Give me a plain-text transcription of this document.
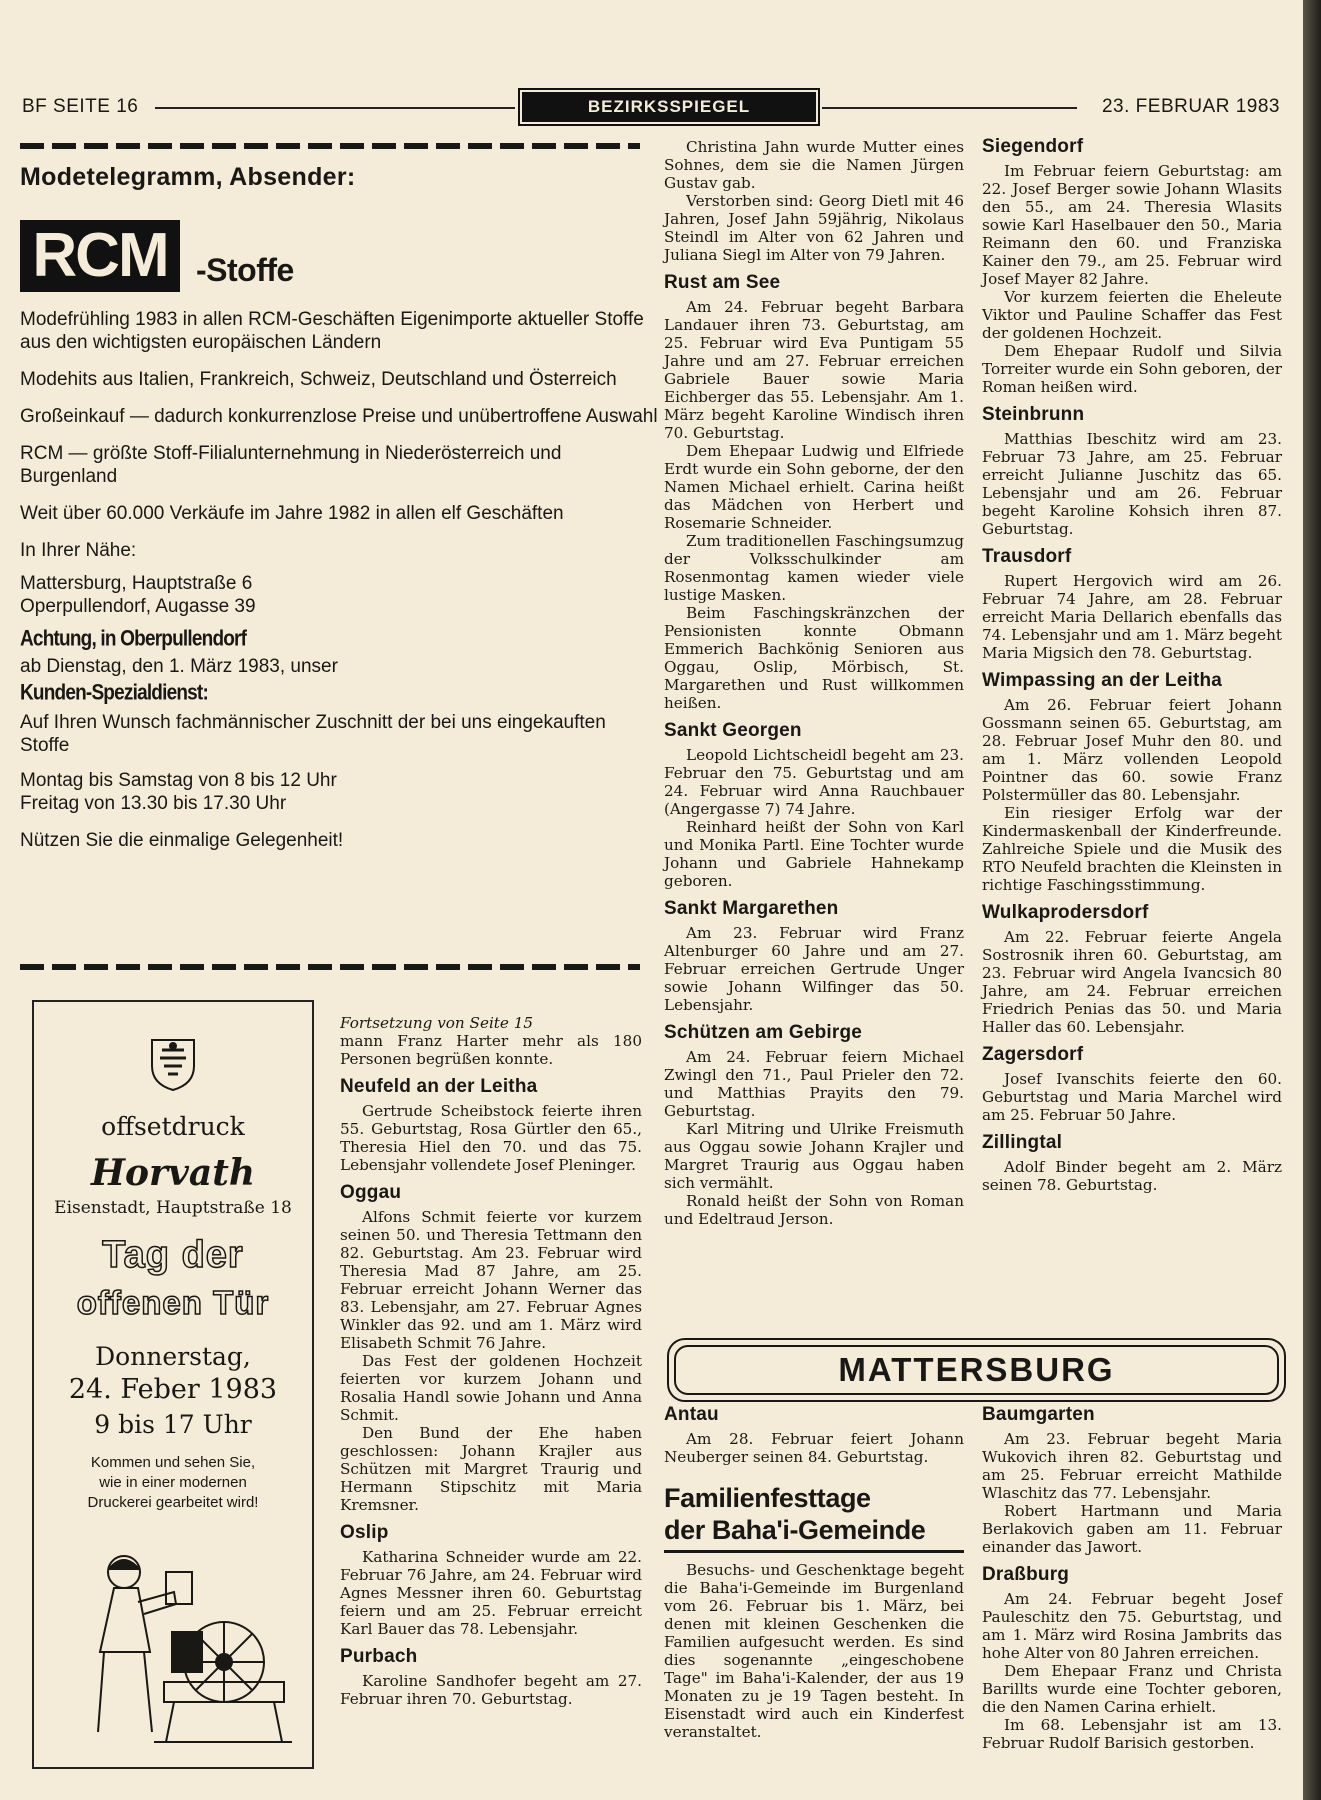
BF SEITE 16	BEZIRKSSPIEGEL	23. FEBRUAR 1983
Modetelegramm, Absender:
RCM -Stoffe

Modefrühling 1983 in allen RCM-Geschäften Eigenimporte aktueller Stoffe aus den wichtigsten europäischen Ländern

Modehits aus Italien, Frankreich, Schweiz, Deutschland und Österreich

Großeinkauf — dadurch konkurrenzlose Preise und unübertroffene Auswahl

RCM — größte Stoff-Filialunternehmung in Niederösterreich und Burgenland

Weit über 60.000 Verkäufe im Jahre 1982 in allen elf Geschäften

In Ihrer Nähe:

Mattersburg, Hauptstraße 6

Operpullendorf, Augasse 39

Achtung, in Oberpullendorf

ab Dienstag, den 1. März 1983, unser

Kunden-Spezialdienst:

Auf Ihren Wunsch fachmännischer Zuschnitt der bei uns eingekauften Stoffe

Montag bis Samstag von 8 bis 12 Uhr

Freitag von 13.30 bis 17.30 Uhr

Nützen Sie die einmalige Gelegenheit!

offsetdruck
Horvath
Eisenstadt, Hauptstraße 18
Tag der
offenen Tür
Donnerstag,
24. Feber 1983
9 bis 17 Uhr
Kommen und sehen Sie,
wie in einer modernen
Druckerei gearbeitet wird!

Fortsetzung von Seite 15

mann Franz Harter mehr als 180 Personen begrüßen konnte.

Neufeld an der Leitha

Gertrude Scheibstock feierte ihren 55. Geburtstag, Rosa Gürtler den 65., Theresia Hiel den 70. und das 75. Lebensjahr vollendete Josef Pleninger.

Oggau

Alfons Schmit feierte vor kurzem seinen 50. und Theresia Tettmann den 82. Geburtstag. Am 23. Februar wird Theresia Mad 87 Jahre, am 25. Februar erreicht Johann Werner das 83. Lebensjahr, am 27. Februar Agnes Winkler das 92. und am 1. März wird Elisabeth Schmit 76 Jahre.

Das Fest der goldenen Hochzeit feierten vor kurzem Johann und Rosalia Handl sowie Johann und Anna Schmit.

Den Bund der Ehe haben geschlossen: Johann Krajler aus Schützen mit Margret Traurig und Hermann Stipschitz mit Maria Kremsner.

Oslip

Katharina Schneider wurde am 22. Februar 76 Jahre, am 24. Februar wird Agnes Messner ihren 60. Geburtstag feiern und am 25. Februar erreicht Karl Bauer das 78. Lebensjahr.

Purbach

Karoline Sandhofer begeht am 27. Februar ihren 70. Geburtstag.

Christina Jahn wurde Mutter eines Sohnes, dem sie die Namen Jürgen Gustav gab.

Verstorben sind: Georg Dietl mit 46 Jahren, Josef Jahn 59jährig, Nikolaus Steindl im Alter von 62 Jahren und Juliana Siegl im Alter von 79 Jahren.

Rust am See

Am 24. Februar begeht Barbara Landauer ihren 73. Geburtstag, am 25. Februar wird Eva Puntigam 55 Jahre und am 27. Februar erreichen Gabriele Bauer sowie Maria Eichberger das 55. Lebensjahr. Am 1. März begeht Karoline Windisch ihren 70. Geburtstag.

Dem Ehepaar Ludwig und Elfriede Erdt wurde ein Sohn geborne, der den Namen Michael erhielt. Carina heißt das Mädchen von Herbert und Rosemarie Schneider.

Zum traditionellen Faschingsumzug der Volksschulkinder am Rosenmontag kamen wieder viele lustige Masken.

Beim Faschingskränzchen der Pensionisten konnte Obmann Emmerich Bachkönig Senioren aus Oggau, Oslip, Mörbisch, St. Margarethen und Rust willkommen heißen.

Sankt Georgen

Leopold Lichtscheidl begeht am 23. Februar den 75. Geburtstag und am 24. Februar wird Anna Rauchbauer (Angergasse 7) 74 Jahre.

Reinhard heißt der Sohn von Karl und Monika Partl. Eine Tochter wurde Johann und Gabriele Hahnekamp geboren.

Sankt Margarethen

Am 23. Februar wird Franz Altenburger 60 Jahre und am 27. Februar erreichen Gertrude Unger sowie Johann Wilfinger das 50. Lebensjahr.

Schützen am Gebirge

Am 24. Februar feiern Michael Zwingl den 71., Paul Prieler den 72. und Matthias Prayits den 79. Geburtstag.

Karl Mitring und Ulrike Freismuth aus Oggau sowie Johann Krajler und Margret Traurig aus Oggau haben sich vermählt.

Ronald heißt der Sohn von Roman und Edeltraud Jerson.

Siegendorf

Im Februar feiern Geburtstag: am 22. Josef Berger sowie Johann Wlasits den 55., am 24. Theresia Wlasits sowie Karl Haselbauer den 50., Maria Reimann den 60. und Franziska Kainer den 79., am 25. Februar wird Josef Mayer 82 Jahre.

Vor kurzem feierten die Eheleute Viktor und Pauline Schaffer das Fest der goldenen Hochzeit.

Dem Ehepaar Rudolf und Silvia Torreiter wurde ein Sohn geboren, der Roman heißen wird.

Steinbrunn

Matthias Ibeschitz wird am 23. Februar 73 Jahre, am 25. Februar erreicht Julianne Juschitz das 65. Lebensjahr und am 26. Februar begeht Karoline Kohsich ihren 87. Geburtstag.

Trausdorf

Rupert Hergovich wird am 26. Februar 74 Jahre, am 28. Februar erreicht Maria Dellarich ebenfalls das 74. Lebensjahr und am 1. März begeht Maria Migsich den 78. Geburtstag.

Wimpassing an der Leitha

Am 26. Februar feiert Johann Gossmann seinen 65. Geburtstag, am 28. Februar Josef Muhr den 80. und am 1. März vollenden Leopold Pointner das 60. sowie Franz Polstermüller das 80. Lebensjahr.

Ein riesiger Erfolg war der Kindermaskenball der Kinderfreunde. Zahlreiche Spiele und die Musik des RTO Neufeld brachten die Kleinsten in richtige Faschingsstimmung.

Wulkaprodersdorf

Am 22. Februar feierte Angela Sostrosnik ihren 60. Geburtstag, am 23. Februar wird Angela Ivancsich 80 Jahre, am 24. Februar erreichen Friedrich Penias das 50. und Maria Haller das 60. Lebensjahr.

Zagersdorf

Josef Ivanschits feierte den 60. Geburtstag und Maria Marchel wird am 25. Februar 50 Jahre.

Zillingtal

Adolf Binder begeht am 2. März seinen 78. Geburtstag.

MATTERSBURG
Antau

Am 28. Februar feiert Johann Neuberger seinen 84. Geburtstag.

Familienfesttage
der Baha'i-Gemeinde

Besuchs- und Geschenktage begeht die Baha'i-Gemeinde im Burgenland vom 26. Februar bis 1. März, bei denen mit kleinen Geschenken die Familien aufgesucht werden. Es sind dies sogenannte „eingeschobene Tage" im Baha'i-Kalender, der aus 19 Monaten zu je 19 Tagen besteht. In Eisenstadt wird auch ein Kinderfest veranstaltet.

Baumgarten

Am 23. Februar begeht Maria Wukovich ihren 82. Geburtstag und am 25. Februar erreicht Mathilde Wlaschitz das 77. Lebensjahr.

Robert Hartmann und Maria Berlakovich gaben am 11. Februar einander das Jawort.

Draßburg

Am 24. Februar begeht Josef Pauleschitz den 75. Geburtstag, und am 1. März wird Rosina Jambrits das hohe Alter von 80 Jahren erreichen.

Dem Ehepaar Franz und Christa Barillts wurde eine Tochter geboren, die den Namen Carina erhielt.

Im 68. Lebensjahr ist am 13. Februar Rudolf Barisich gestorben.
